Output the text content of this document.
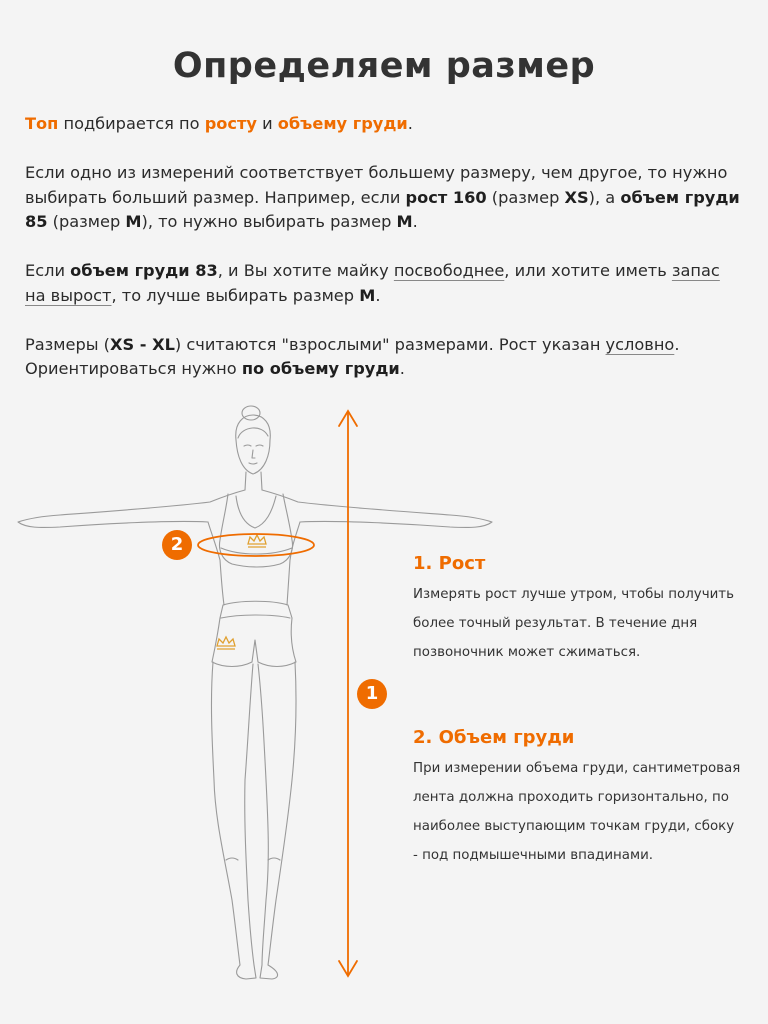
Определяем размер

Топ подбирается по росту и объему груди.

Если одно из измерений соответствует большему размеру, чем другое, то нужно выбирать больший размер. Например, если рост 160 (размер XS), а объем груди 85 (размер M), то нужно выбирать размер M.

Если объем груди 83, и Вы хотите майку посвободнее, или хотите иметь запас на вырост, то лучше выбирать размер M.

Размеры (XS - XL) считаются "взрослыми" размерами. Рост указан условно. Ориентироваться нужно по объему груди.

1
2
1. Рост
Измерять рост лучше утром, чтобы получить более точный результат. В течение дня позвоночник может сжиматься.
2. Объем груди
При измерении объема груди, сантиметровая лента должна проходить горизонтально, по наиболее выступающим точкам груди, сбоку - под подмышечными впадинами.
